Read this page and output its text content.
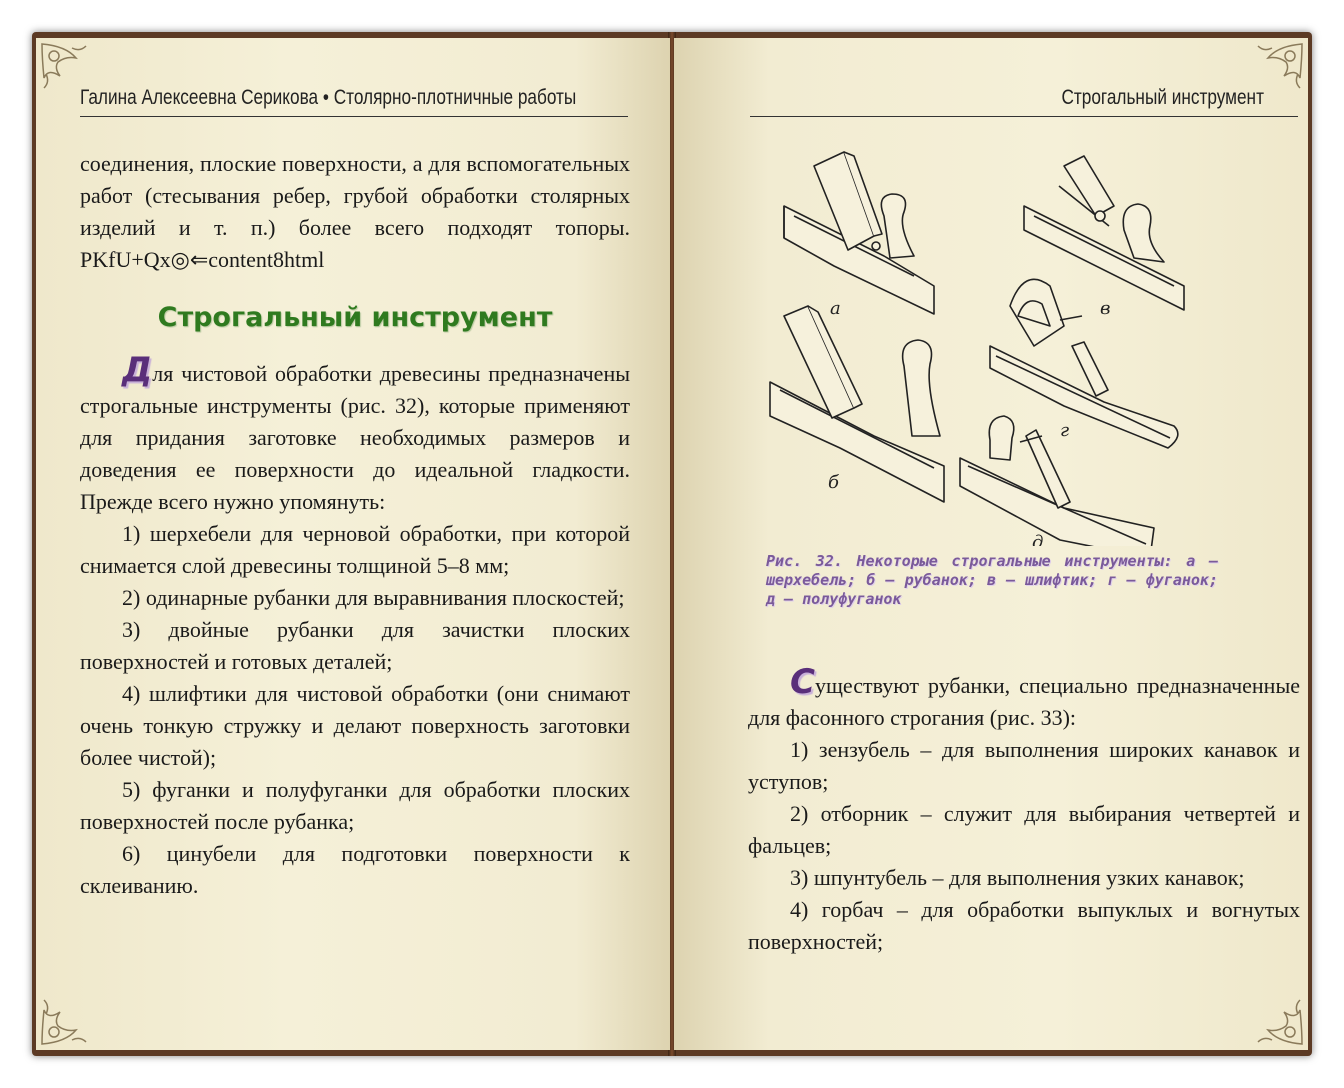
Галина Алексеевна Серикова • Столярно-плотничные работы

соединения, плоские поверхности, а для вспомогательных работ (стесывания ребер, грубой обработки столярных изделий и т. п.) более всего подходят топоры. PKfU+Qx◎⇐content8html

Строгальный инструмент

Для чистовой обработки древесины предназначены строгальные инструменты (рис. 32), которые применяют для придания заготовке необходимых размеров и доведения ее поверхности до идеальной гладкости. Прежде всего нужно упомянуть:

1) шерхебели для черновой обработки, при которой снимается слой древесины толщиной 5–8 мм;

2) одинарные рубанки для выравнивания плоскостей;

3) двойные рубанки для зачистки плоских поверхностей и готовых деталей;

4) шлифтики для чистовой обработки (они снимают очень тонкую стружку и делают поверхность заготовки более чистой);

5) фуганки и полуфуганки для обработки плоских поверхностей после рубанка;

6) цинубели для подготовки поверхности к склеиванию.

Строгальный инструмент
а	в
б
г
д
Рис. 32. Некоторые строгальные инструменты: а – шерхебель; б – рубанок; в – шлифтик; г – фуганок; д – полуфуганок

Существуют рубанки, специально предназначенные для фасонного строгания (рис. 33):

1) зензубель – для выполнения широких канавок и уступов;

2) отборник – служит для выбирания четвертей и фальцев;

3) шпунтубель – для выполнения узких канавок;

4) горбач – для обработки выпуклых и вогнутых поверхностей;
